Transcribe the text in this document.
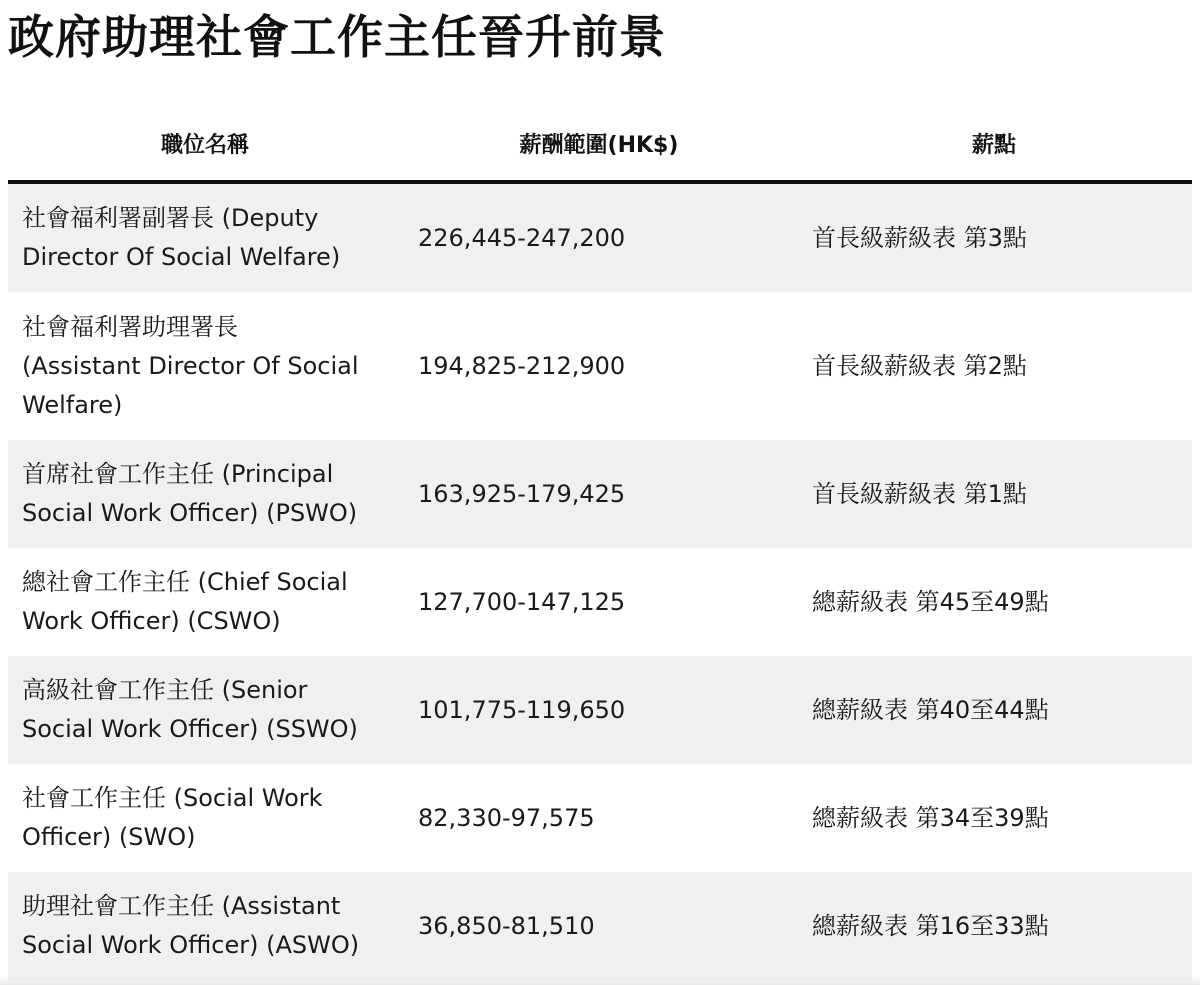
政府助理社會工作主任晉升前景
職位名稱	薪酬範圍(HK$)	薪點

社會福利署副署長 (Deputy
Director Of Social Welfare)	226,445-247,200	首長級薪級表 第3點

社會福利署助理署長
(Assistant Director Of Social
Welfare)	194,825-212,900	首長級薪級表 第2點

首席社會工作主任 (Principal
Social Work Officer) (PSWO)	163,925-179,425	首長級薪級表 第1點

總社會工作主任 (Chief Social
Work Officer) (CSWO)	127,700-147,125	總薪級表 第45至49點

高級社會工作主任 (Senior
Social Work Officer) (SSWO)	101,775-119,650	總薪級表 第40至44點

社會工作主任 (Social Work
Officer) (SWO)	82,330-97,575	總薪級表 第34至39點

助理社會工作主任 (Assistant
Social Work Officer) (ASWO)	36,850-81,510	總薪級表 第16至33點
